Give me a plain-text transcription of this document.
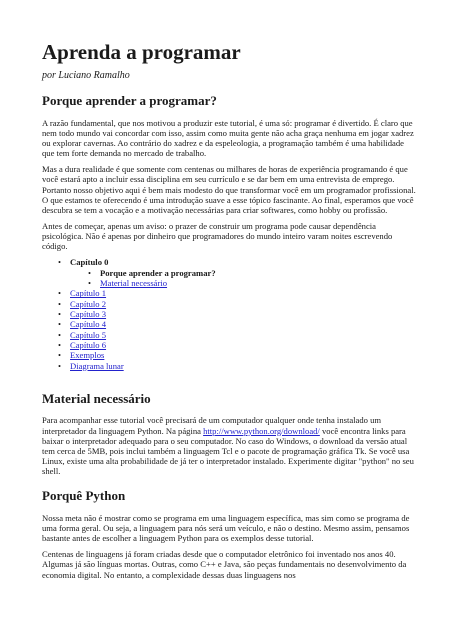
Aprenda a programar
por Luciano Ramalho
Porque aprender a programar?

A razão fundamental, que nos motivou a produzir este tutorial, é uma só: programar é divertido. É claro que nem todo mundo vai concordar com isso, assim como muita gente não acha graça nenhuma em jogar xadrez ou explorar cavernas. Ao contrário do xadrez e da espeleologia, a programação também é uma habilidade que tem forte demanda no mercado de trabalho.

Mas a dura realidade é que somente com centenas ou milhares de horas de experiência programando é que você estará apto a incluir essa disciplina em seu currículo e se dar bem em uma entrevista de emprego. Portanto nosso objetivo aqui é bem mais modesto do que transformar você em um programador profissional. O que estamos te oferecendo é uma introdução suave a esse tópico fascinante. Ao final, esperamos que você descubra se tem a vocação e a motivação necessárias para criar softwares, como hobby ou profissão.

Antes de começar, apenas um aviso: o prazer de construir um programa pode causar dependência psicológica. Não é apenas por dinheiro que programadores do mundo inteiro varam noites escrevendo código.

• Capítulo 0
• Porque aprender a programar?
• Material necessário
• Capítulo 1
• Capítulo 2
• Capítulo 3
• Capítulo 4
• Capítulo 5
• Capítulo 6
• Exemplos
• Diagrama lunar
Material necessário

Para acompanhar esse tutorial você precisará de um computador qualquer onde tenha instalado um interpretador da linguagem Python. Na página http://www.python.org/download/ você encontra links para baixar o interpretador adequado para o seu computador. No caso do Windows, o download da versão atual tem cerca de 5MB, pois inclui também a linguagem Tcl e o pacote de programação gráfica Tk. Se você usa Linux, existe uma alta probabilidade de já ter o interpretador instalado. Experimente digitar "python" no seu shell.

Porquê Python

Nossa meta não é mostrar como se programa em uma linguagem específica, mas sim como se programa de uma forma geral. Ou seja, a linguagem para nós será um veículo, e não o destino. Mesmo assim, pensamos bastante antes de escolher a linguagem Python para os exemplos desse tutorial.

Centenas de linguagens já foram criadas desde que o computador eletrônico foi inventado nos anos 40. Algumas já são línguas mortas. Outras, como C++ e Java, são peças fundamentais no desenvolvimento da economia digital. No entanto, a complexidade dessas duas linguagens nos
